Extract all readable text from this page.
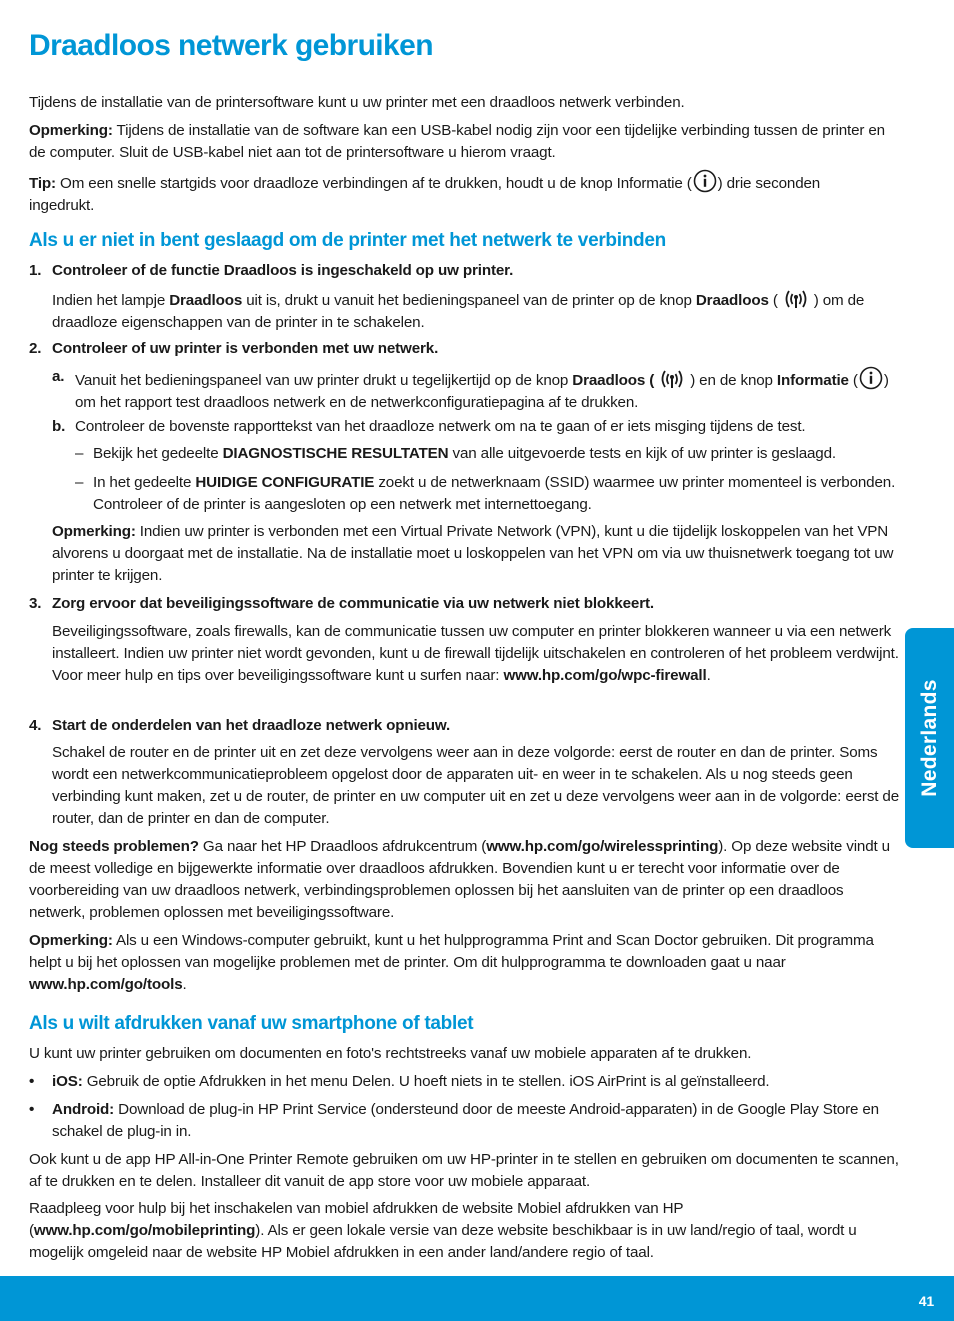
Draadloos netwerk gebruiken

Tijdens de installatie van de printersoftware kunt u uw printer met een draadloos netwerk verbinden.

Opmerking: Tijdens de installatie van de software kan een USB-kabel nodig zijn voor een tijdelijke verbinding tussen de printer en de computer. Sluit de USB-kabel niet aan tot de printersoftware u hierom vraagt.

Tip: Om een snelle startgids voor draadloze verbindingen af te drukken, houdt u de knop Informatie ( ) drie seconden ingedrukt.

Als u er niet in bent geslaagd om de printer met het netwerk te verbinden
1. Controleer of de functie Draadloos is ingeschakeld op uw printer.

Indien het lampje Draadloos uit is, drukt u vanuit het bedieningspaneel van de printer op de knop Draadloos ( ) om de draadloze eigenschappen van de printer in te schakelen.

2. Controleer of uw printer is verbonden met uw netwerk.
a. Vanuit het bedieningspaneel van uw printer drukt u tegelijkertijd op de knop Draadloos ( ) en de knop Informatie ( ) om het rapport test draadloos netwerk en de netwerkconfiguratiepagina af te drukken.

b. Controleer de bovenste rapporttekst van het draadloze netwerk om na te gaan of er iets misging tijdens de test.

– Bekijk het gedeelte DIAGNOSTISCHE RESULTATEN van alle uitgevoerde tests en kijk of uw printer is geslaagd.

– In het gedeelte HUIDIGE CONFIGURATIE zoekt u de netwerknaam (SSID) waarmee uw printer momenteel is verbonden. Controleer of de printer is aangesloten op een netwerk met internettoegang.

Opmerking: Indien uw printer is verbonden met een Virtual Private Network (VPN), kunt u die tijdelijk loskoppelen van het VPN alvorens u doorgaat met de installatie. Na de installatie moet u loskoppelen van het VPN om via uw thuisnetwerk toegang tot uw printer te krijgen.

3. Zorg ervoor dat beveiligingssoftware de communicatie via uw netwerk niet blokkeert.

Beveiligingssoftware, zoals firewalls, kan de communicatie tussen uw computer en printer blokkeren wanneer u via een netwerk installeert. Indien uw printer niet wordt gevonden, kunt u de firewall tijdelijk uitschakelen en controleren of het probleem verdwijnt. Voor meer hulp en tips over beveiligingssoftware kunt u surfen naar: www.hp.com/go/wpc-firewall.

4. Start de onderdelen van het draadloze netwerk opnieuw.

Schakel de router en de printer uit en zet deze vervolgens weer aan in deze volgorde: eerst de router en dan de printer. Soms wordt een netwerkcommunicatieprobleem opgelost door de apparaten uit- en weer in te schakelen. Als u nog steeds geen verbinding kunt maken, zet u de router, de printer en uw computer uit en zet u deze vervolgens weer aan in de volgorde: eerst de router, dan de printer en dan de computer.

Nog steeds problemen? Ga naar het HP Draadloos afdrukcentrum (www.hp.com/go/wirelessprinting). Op deze website vindt u de meest volledige en bijgewerkte informatie over draadloos afdrukken. Bovendien kunt u er terecht voor informatie over de voorbereiding van uw draadloos netwerk, verbindingsproblemen oplossen bij het aansluiten van de printer op een draadloos netwerk, problemen oplossen met beveiligingssoftware.

Opmerking: Als u een Windows-computer gebruikt, kunt u het hulpprogramma Print and Scan Doctor gebruiken. Dit programma helpt u bij het oplossen van mogelijke problemen met de printer. Om dit hulpprogramma te downloaden gaat u naar www.hp.com/go/tools.

Als u wilt afdrukken vanaf uw smartphone of tablet

U kunt uw printer gebruiken om documenten en foto's rechtstreeks vanaf uw mobiele apparaten af te drukken.

• iOS: Gebruik de optie Afdrukken in het menu Delen. U hoeft niets in te stellen. iOS AirPrint is al geïnstalleerd.

• Android: Download de plug-in HP Print Service (ondersteund door de meeste Android-apparaten) in de Google Play Store en schakel de plug-in in.

Ook kunt u de app HP All-in-One Printer Remote gebruiken om uw HP-printer in te stellen en gebruiken om documenten te scannen, af te drukken en te delen. Installeer dit vanuit de app store voor uw mobiele apparaat.

Raadpleeg voor hulp bij het inschakelen van mobiel afdrukken de website Mobiel afdrukken van HP (www.hp.com/go/mobileprinting). Als er geen lokale versie van deze website beschikbaar is in uw land/regio of taal, wordt u mogelijk omgeleid naar de website HP Mobiel afdrukken in een ander land/andere regio of taal.

Nederlands
41
